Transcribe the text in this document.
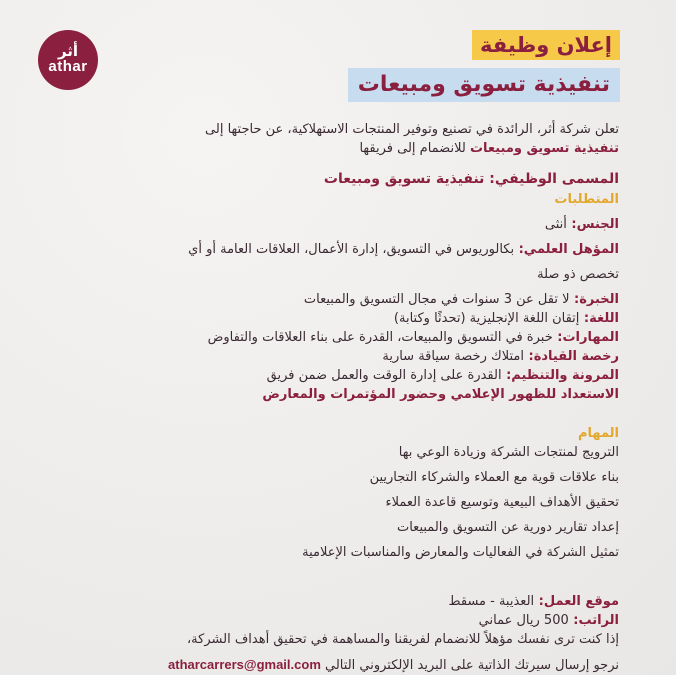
أثر
athar
إعلان وظيفة
تنفيذية تسويق ومبيعات
تعلن شركة أثر، الرائدة في تصنيع وتوفير المنتجات الاستهلاكية، عن حاجتها إلى
تنفيذية تسويق ومبيعات للانضمام إلى فريقها
المسمى الوظيفي: تنفيذية تسويق ومبيعات
المتطلبات
الجنس: أنثى
المؤهل العلمي: بكالوريوس في التسويق، إدارة الأعمال، العلاقات العامة أو أي
تخصص ذو صلة
الخبرة: لا تقل عن 3 سنوات في مجال التسويق والمبيعات
اللغة: إتقان اللغة الإنجليزية (تحدثًا وكتابة)
المهارات: خبرة في التسويق والمبيعات، القدرة على بناء العلاقات والتفاوض
رخصة القيادة: امتلاك رخصة سياقة سارية
المرونة والتنظيم: القدرة على إدارة الوقت والعمل ضمن فريق
الاستعداد للظهور الإعلامي وحضور المؤتمرات والمعارض
المهام
الترويج لمنتجات الشركة وزيادة الوعي بها
بناء علاقات قوية مع العملاء والشركاء التجاريين
تحقيق الأهداف البيعية وتوسيع قاعدة العملاء
إعداد تقارير دورية عن التسويق والمبيعات
تمثيل الشركة في الفعاليات والمعارض والمناسبات الإعلامية
موقع العمل: العذيبة - مسقط
الراتب: 500 ريال عماني
إذا كنت ترى نفسك مؤهلاً للانضمام لفريقنا والمساهمة في تحقيق أهداف الشركة،
نرجو إرسال سيرتك الذاتية على البريد الإلكتروني التالي atharcarrers@gmail.com
